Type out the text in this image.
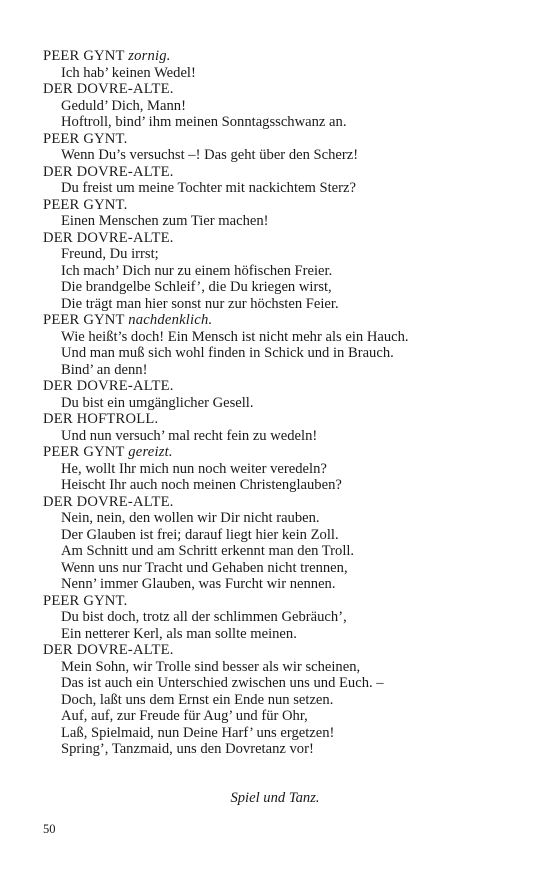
PEER GYNT zornig.
Ich hab’ keinen Wedel!
DER DOVRE-ALTE.
Geduld’ Dich, Mann!
Hoftroll, bind’ ihm meinen Sonntagsschwanz an.
PEER GYNT.
Wenn Du’s versuchst –! Das geht über den Scherz!
DER DOVRE-ALTE.
Du freist um meine Tochter mit nackichtem Sterz?
PEER GYNT.
Einen Menschen zum Tier machen!
DER DOVRE-ALTE.
Freund, Du irrst;
Ich mach’ Dich nur zu einem höfischen Freier.
Die brandgelbe Schleif’, die Du kriegen wirst,
Die trägt man hier sonst nur zur höchsten Feier.
PEER GYNT nachdenklich.
Wie heißt’s doch! Ein Mensch ist nicht mehr als ein Hauch.
Und man muß sich wohl finden in Schick und in Brauch.
Bind’ an denn!
DER DOVRE-ALTE.
Du bist ein umgänglicher Gesell.
DER HOFTROLL.
Und nun versuch’ mal recht fein zu wedeln!
PEER GYNT gereizt.
He, wollt Ihr mich nun noch weiter veredeln?
Heischt Ihr auch noch meinen Christenglauben?
DER DOVRE-ALTE.
Nein, nein, den wollen wir Dir nicht rauben.
Der Glauben ist frei; darauf liegt hier kein Zoll.
Am Schnitt und am Schritt erkennt man den Troll.
Wenn uns nur Tracht und Gehaben nicht trennen,
Nenn’ immer Glauben, was Furcht wir nennen.
PEER GYNT.
Du bist doch, trotz all der schlimmen Gebräuch’,
Ein netterer Kerl, als man sollte meinen.
DER DOVRE-ALTE.
Mein Sohn, wir Trolle sind besser als wir scheinen,
Das ist auch ein Unterschied zwischen uns und Euch. –
Doch, laßt uns dem Ernst ein Ende nun setzen.
Auf, auf, zur Freude für Aug’ und für Ohr,
Laß, Spielmaid, nun Deine Harf’ uns ergetzen!
Spring’, Tanzmaid, uns den Dovretanz vor!
Spiel und Tanz.
50
